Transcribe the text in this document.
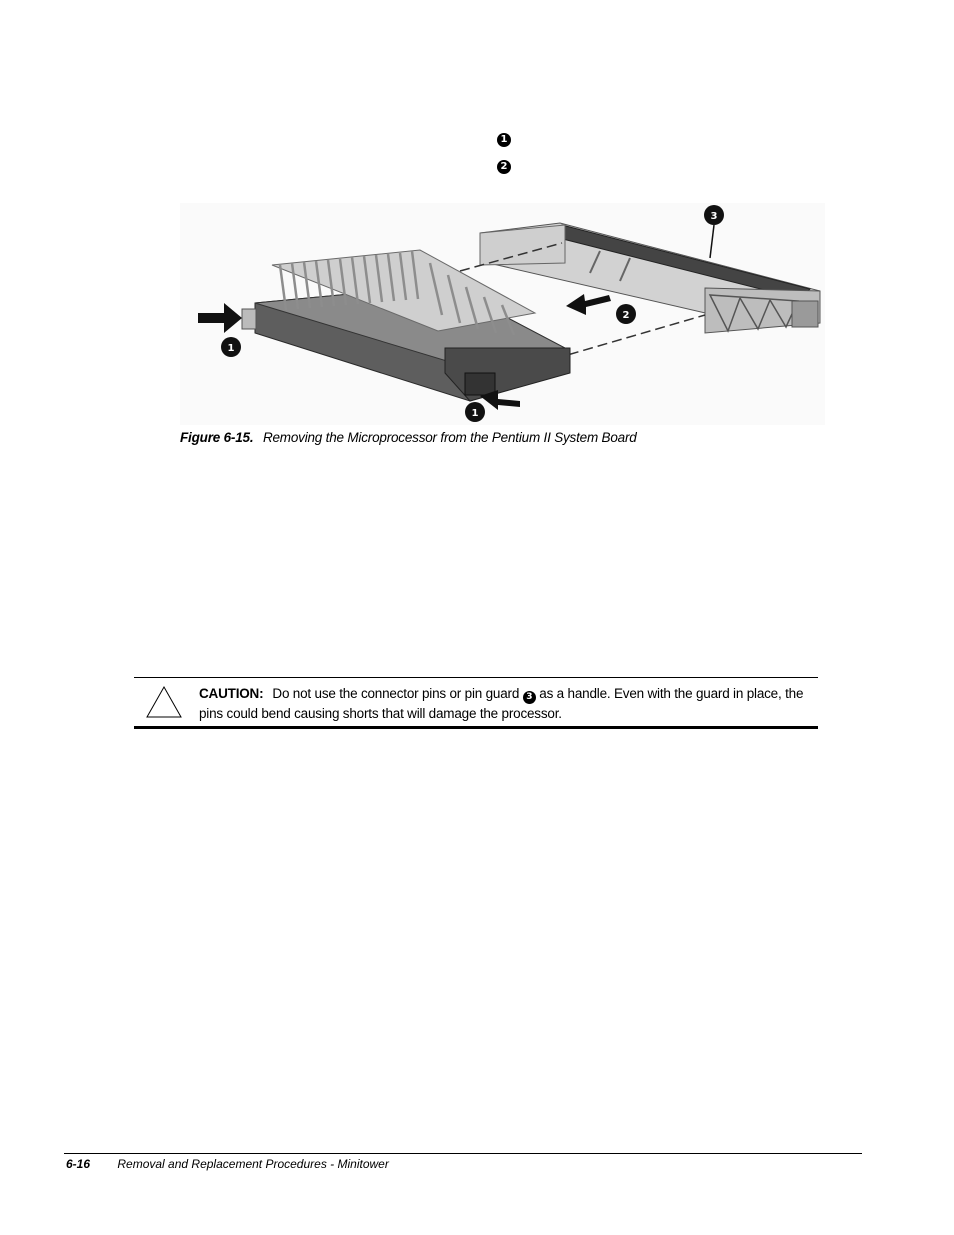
1
2
1
2
3
1
Figure 6-15. Removing the Microprocessor from the Pentium II System Board
CAUTION: Do not use the connector pins or pin guard 3 as a handle. Even with the guard in place, the pins could bend causing shorts that will damage the processor.
6-16 Removal and Replacement Procedures - Minitower
